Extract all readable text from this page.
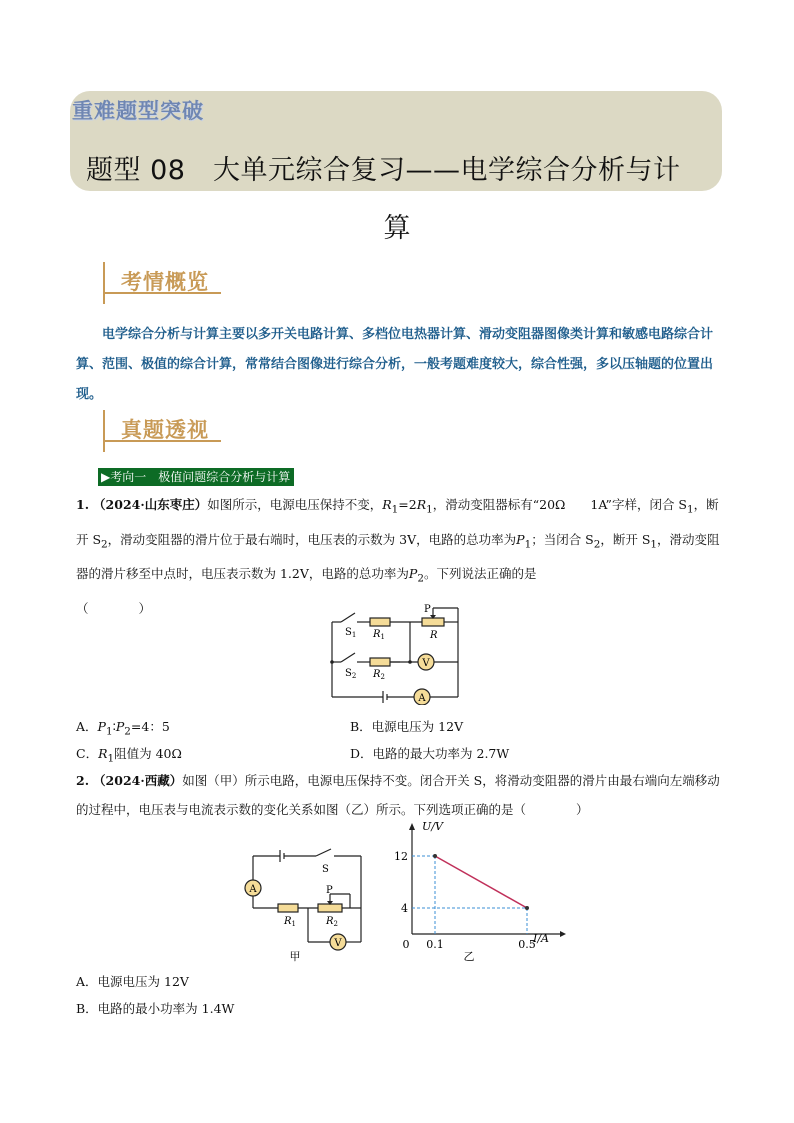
重难题型突破
题型 08　大单元综合复习——电学综合分析与计
算
考情概览
电学综合分析与计算主要以多开关电路计算、多档位电热器计算、滑动变阻器图像类计算和敏感电路综合计算、范围、极值的综合计算，常常结合图像进行综合分析，一般考题难度较大，综合性强，多以压轴题的位置出现。
真题透视
▶考向一　极值问题综合分析与计算
1. （2024·山东枣庄）如图所示，电源电压保持不变，$R_1=2R_1$，滑动变阻器标有“20Ω　　1A”字样，闭合 $S_1$，断开 $S_2$，滑动变阻器的滑片位于最右端时，电压表的示数为 3V，电路的总功率为$P_1$；当闭合 $S_2$，断开 $S_1$，滑动变阻器的滑片移至中点时，电压表示数为 1.2V，电路的总功率为$P_2$。下列说法正确的是
（　　　　）
V
A
$S_1$
$S_2$
$R_1$
$R_2$
R
P
A．$P_1∶P_2=4$：5	B．电源电压为 12V
C．$R_1$阻值为 40Ω	D．电路的最大功率为 2.7W
2. （2024·西藏）如图（甲）所示电路，电源电压保持不变。闭合开关 S，将滑动变阻器的滑片由最右端向左端移动的过程中，电压表与电流表示数的变化关系如图（乙）所示。下列选项正确的是（　　　　）
A
V
S
P
$R_1$	$R_2$
甲
U/V
I/A
乙
0 0.1	0.5
4
12
A．电源电压为 12V
B．电路的最小功率为 1.4W
